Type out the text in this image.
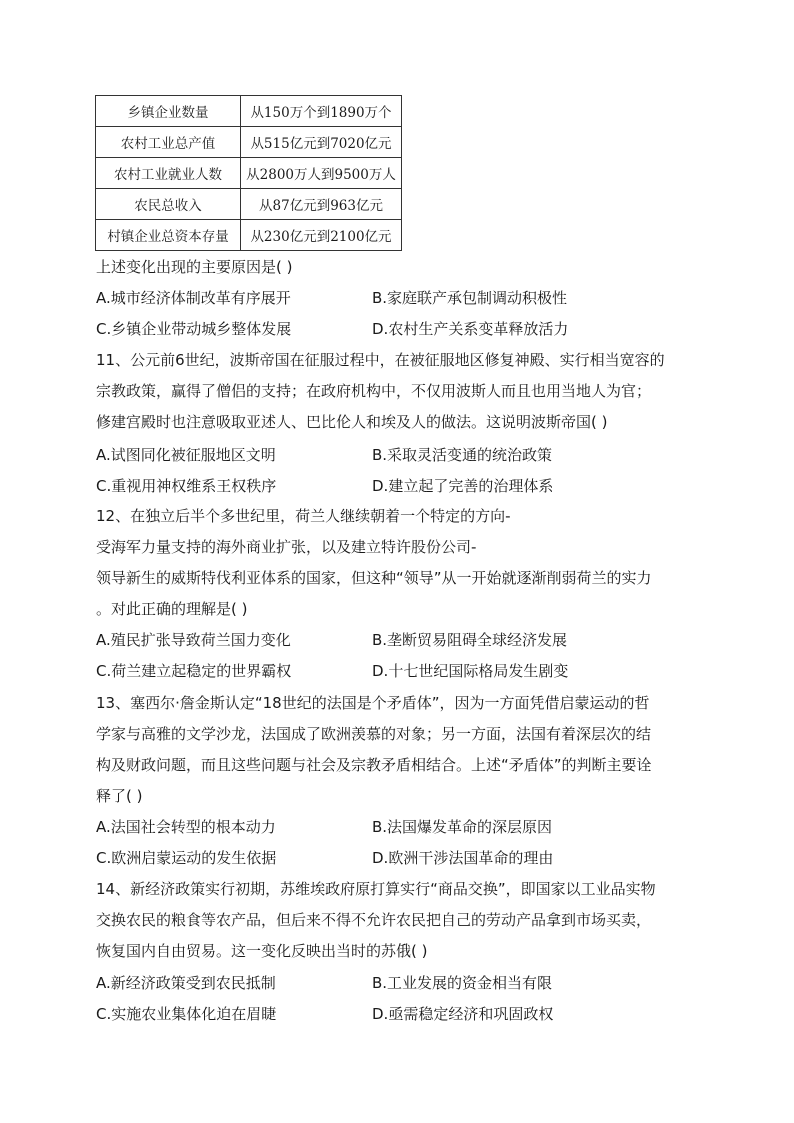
乡镇企业数量	从150万个到1890万个
农村工业总产值	从515亿元到7020亿元
农村工业就业人数	从2800万人到9500万人
农民总收入	从87亿元到963亿元
村镇企业总资本存量	从230亿元到2100亿元
上述变化出现的主要原因是( )
A.城市经济体制改革有序展开	B.家庭联产承包制调动积极性
C.乡镇企业带动城乡整体发展	D.农村生产关系变革释放活力
11、公元前6世纪，波斯帝国在征服过程中，在被征服地区修复神殿、实行相当宽容的
宗教政策，赢得了僧侣的支持；在政府机构中，不仅用波斯人而且也用当地人为官；
修建宫殿时也注意吸取亚述人、巴比伦人和埃及人的做法。这说明波斯帝国( )
A.试图同化被征服地区文明	B.采取灵活变通的统治政策
C.重视用神权维系王权秩序	D.建立起了完善的治理体系
12、在独立后半个多世纪里，荷兰人继续朝着一个特定的方向-
受海军力量支持的海外商业扩张，以及建立特许股份公司-
领导新生的威斯特伐利亚体系的国家，但这种“领导”从一开始就逐渐削弱荷兰的实力
。对此正确的理解是( )
A.殖民扩张导致荷兰国力变化	B.垄断贸易阻碍全球经济发展
C.荷兰建立起稳定的世界霸权	D.十七世纪国际格局发生剧变
13、塞西尔·詹金斯认定“18世纪的法国是个矛盾体”，因为一方面凭借启蒙运动的哲
学家与高雅的文学沙龙，法国成了欧洲羡慕的对象；另一方面，法国有着深层次的结
构及财政问题，而且这些问题与社会及宗教矛盾相结合。上述“矛盾体”的判断主要诠
释了( )
A.法国社会转型的根本动力	B.法国爆发革命的深层原因
C.欧洲启蒙运动的发生依据	D.欧洲干涉法国革命的理由
14、新经济政策实行初期，苏维埃政府原打算实行“商品交换”，即国家以工业品实物
交换农民的粮食等农产品，但后来不得不允许农民把自己的劳动产品拿到市场买卖，
恢复国内自由贸易。这一变化反映出当时的苏俄( )
A.新经济政策受到农民抵制	B.工业发展的资金相当有限
C.实施农业集体化迫在眉睫	D.亟需稳定经济和巩固政权
